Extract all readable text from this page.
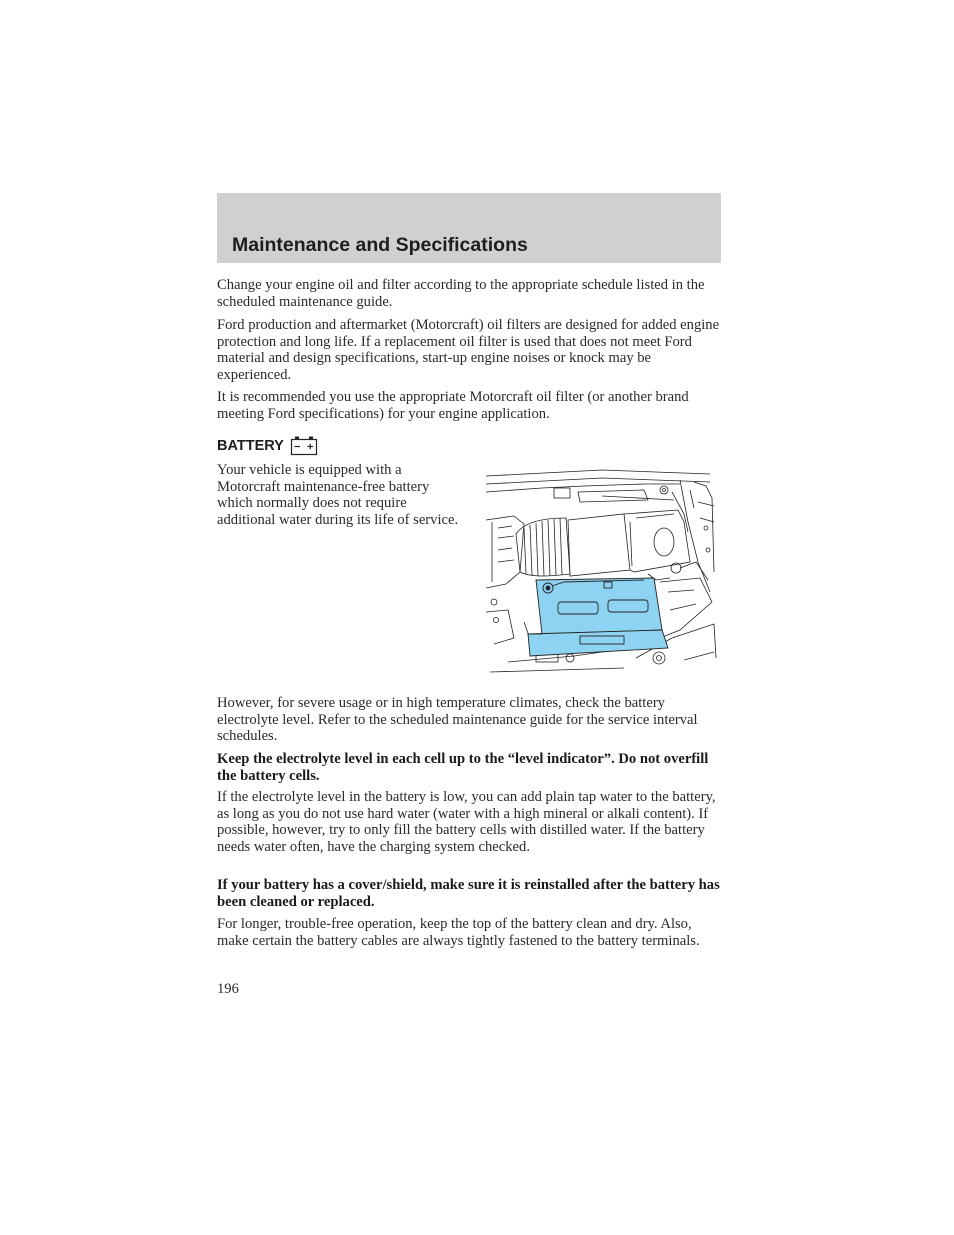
Maintenance and Specifications

Change your engine oil and filter according to the appropriate schedule listed in the scheduled maintenance guide.

Ford production and aftermarket (Motorcraft) oil filters are designed for added engine protection and long life. If a replacement oil filter is used that does not meet Ford material and design specifications, start-up engine noises or knock may be experienced.

It is recommended you use the appropriate Motorcraft oil filter (or another brand meeting Ford specifications) for your engine application.

BATTERY

Your vehicle is equipped with a Motorcraft maintenance-free battery which normally does not require additional water during its life of service.

However, for severe usage or in high temperature climates, check the battery electrolyte level. Refer to the scheduled maintenance guide for the service interval schedules.

Keep the electrolyte level in each cell up to the “level indicator”. Do not overfill the battery cells.

If the electrolyte level in the battery is low, you can add plain tap water to the battery, as long as you do not use hard water (water with a high mineral or alkali content). If possible, however, try to only fill the battery cells with distilled water. If the battery needs water often, have the charging system checked.

If your battery has a cover/shield, make sure it is reinstalled after the battery has been cleaned or replaced.

For longer, trouble-free operation, keep the top of the battery clean and dry. Also, make certain the battery cables are always tightly fastened to the battery terminals.

196
